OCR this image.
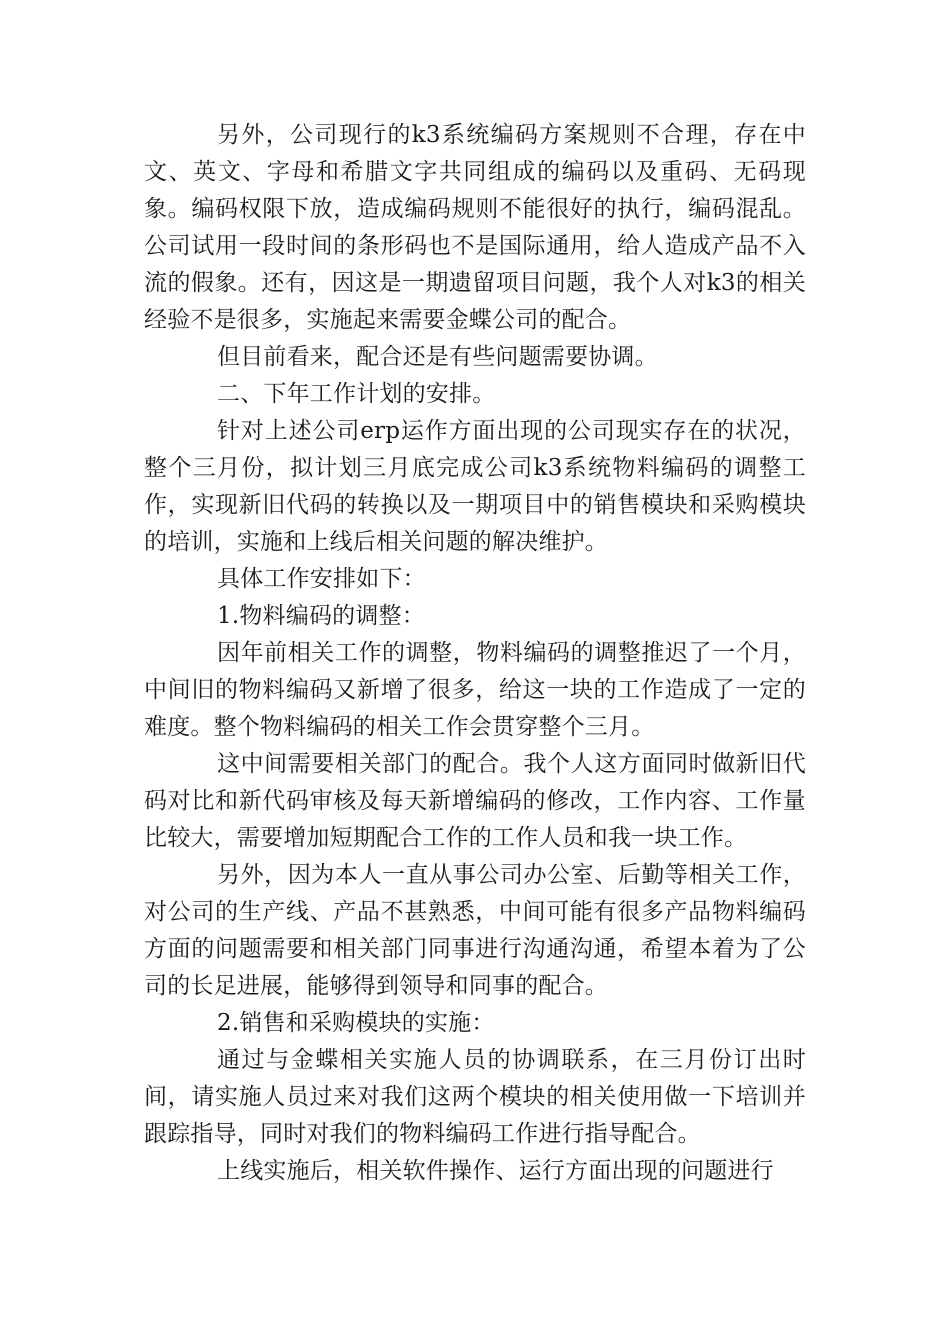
另外，公司现行的k3系统编码方案规则不合理，存在中文、英文、字母和希腊文字共同组成的编码以及重码、无码现象。编码权限下放，造成编码规则不能很好的执行，编码混乱。公司试用一段时间的条形码也不是国际通用，给人造成产品不入流的假象。还有，因这是一期遗留项目问题，我个人对k3的相关经验不是很多，实施起来需要金蝶公司的配合。

但目前看来，配合还是有些问题需要协调。

二、下年工作计划的安排。

针对上述公司erp运作方面出现的公司现实存在的状况，整个三月份，拟计划三月底完成公司k3系统物料编码的调整工作，实现新旧代码的转换以及一期项目中的销售模块和采购模块的培训，实施和上线后相关问题的解决维护。

具体工作安排如下：

1.物料编码的调整：

因年前相关工作的调整，物料编码的调整推迟了一个月，中间旧的物料编码又新增了很多，给这一块的工作造成了一定的难度。整个物料编码的相关工作会贯穿整个三月。

这中间需要相关部门的配合。我个人这方面同时做新旧代码对比和新代码审核及每天新增编码的修改，工作内容、工作量比较大，需要增加短期配合工作的工作人员和我一块工作。

另外，因为本人一直从事公司办公室、后勤等相关工作，对公司的生产线、产品不甚熟悉，中间可能有很多产品物料编码方面的问题需要和相关部门同事进行沟通沟通，希望本着为了公司的长足进展，能够得到领导和同事的配合。

2.销售和采购模块的实施：

通过与金蝶相关实施人员的协调联系，在三月份订出时间，请实施人员过来对我们这两个模块的相关使用做一下培训并跟踪指导，同时对我们的物料编码工作进行指导配合。

上线实施后，相关软件操作、运行方面出现的问题进行
